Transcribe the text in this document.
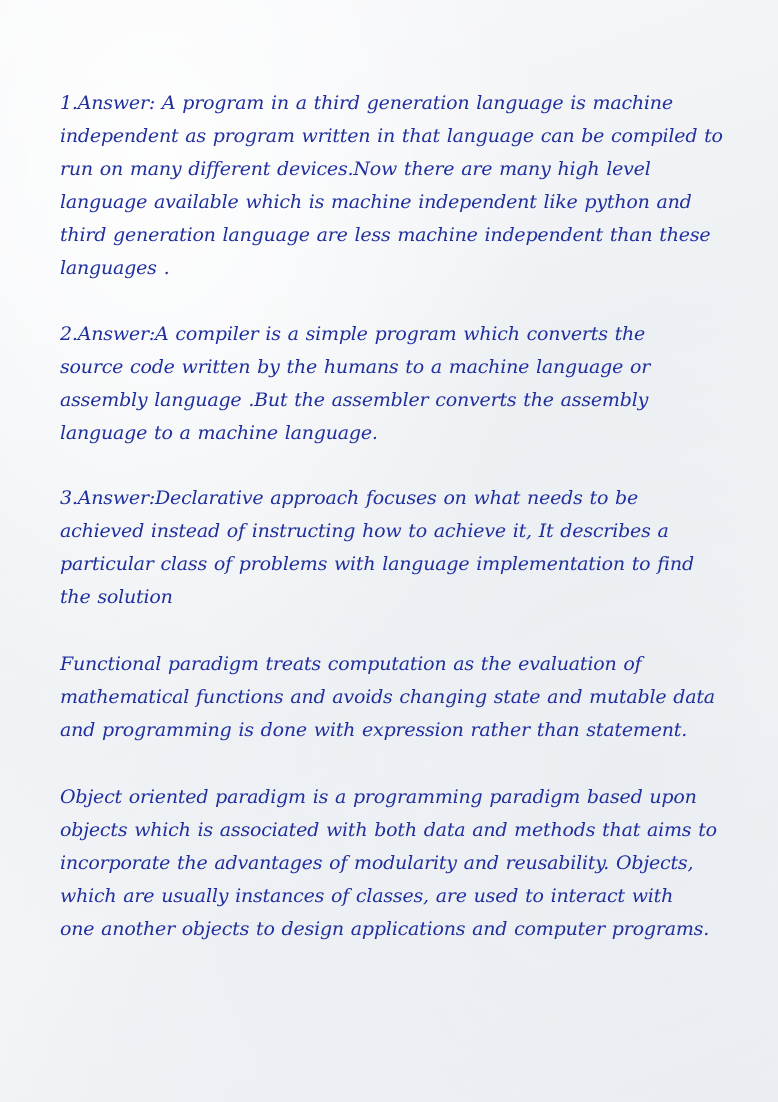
1.Answer: A program in a third generation language is machine
independent as program written in that language can be compiled to
run on many different devices.Now there are many high level
language available which is machine independent like python and
third generation language are less machine independent than these
languages .

2.Answer:A compiler is a simple program which converts the
source code written by the humans to a machine language or
assembly language .But the assembler converts the assembly
language to a machine language.

3.Answer:Declarative approach focuses on what needs to be
achieved instead of instructing how to achieve it, It describes a
particular class of problems with language implementation to find
the solution

Functional paradigm treats computation as the evaluation of
mathematical functions and avoids changing state and mutable data
and programming is done with expression rather than statement.

Object oriented paradigm is a programming paradigm based upon
objects which is associated with both data and methods that aims to
incorporate the advantages of modularity and reusability. Objects,
which are usually instances of classes, are used to interact with
one another objects to design applications and computer programs.
